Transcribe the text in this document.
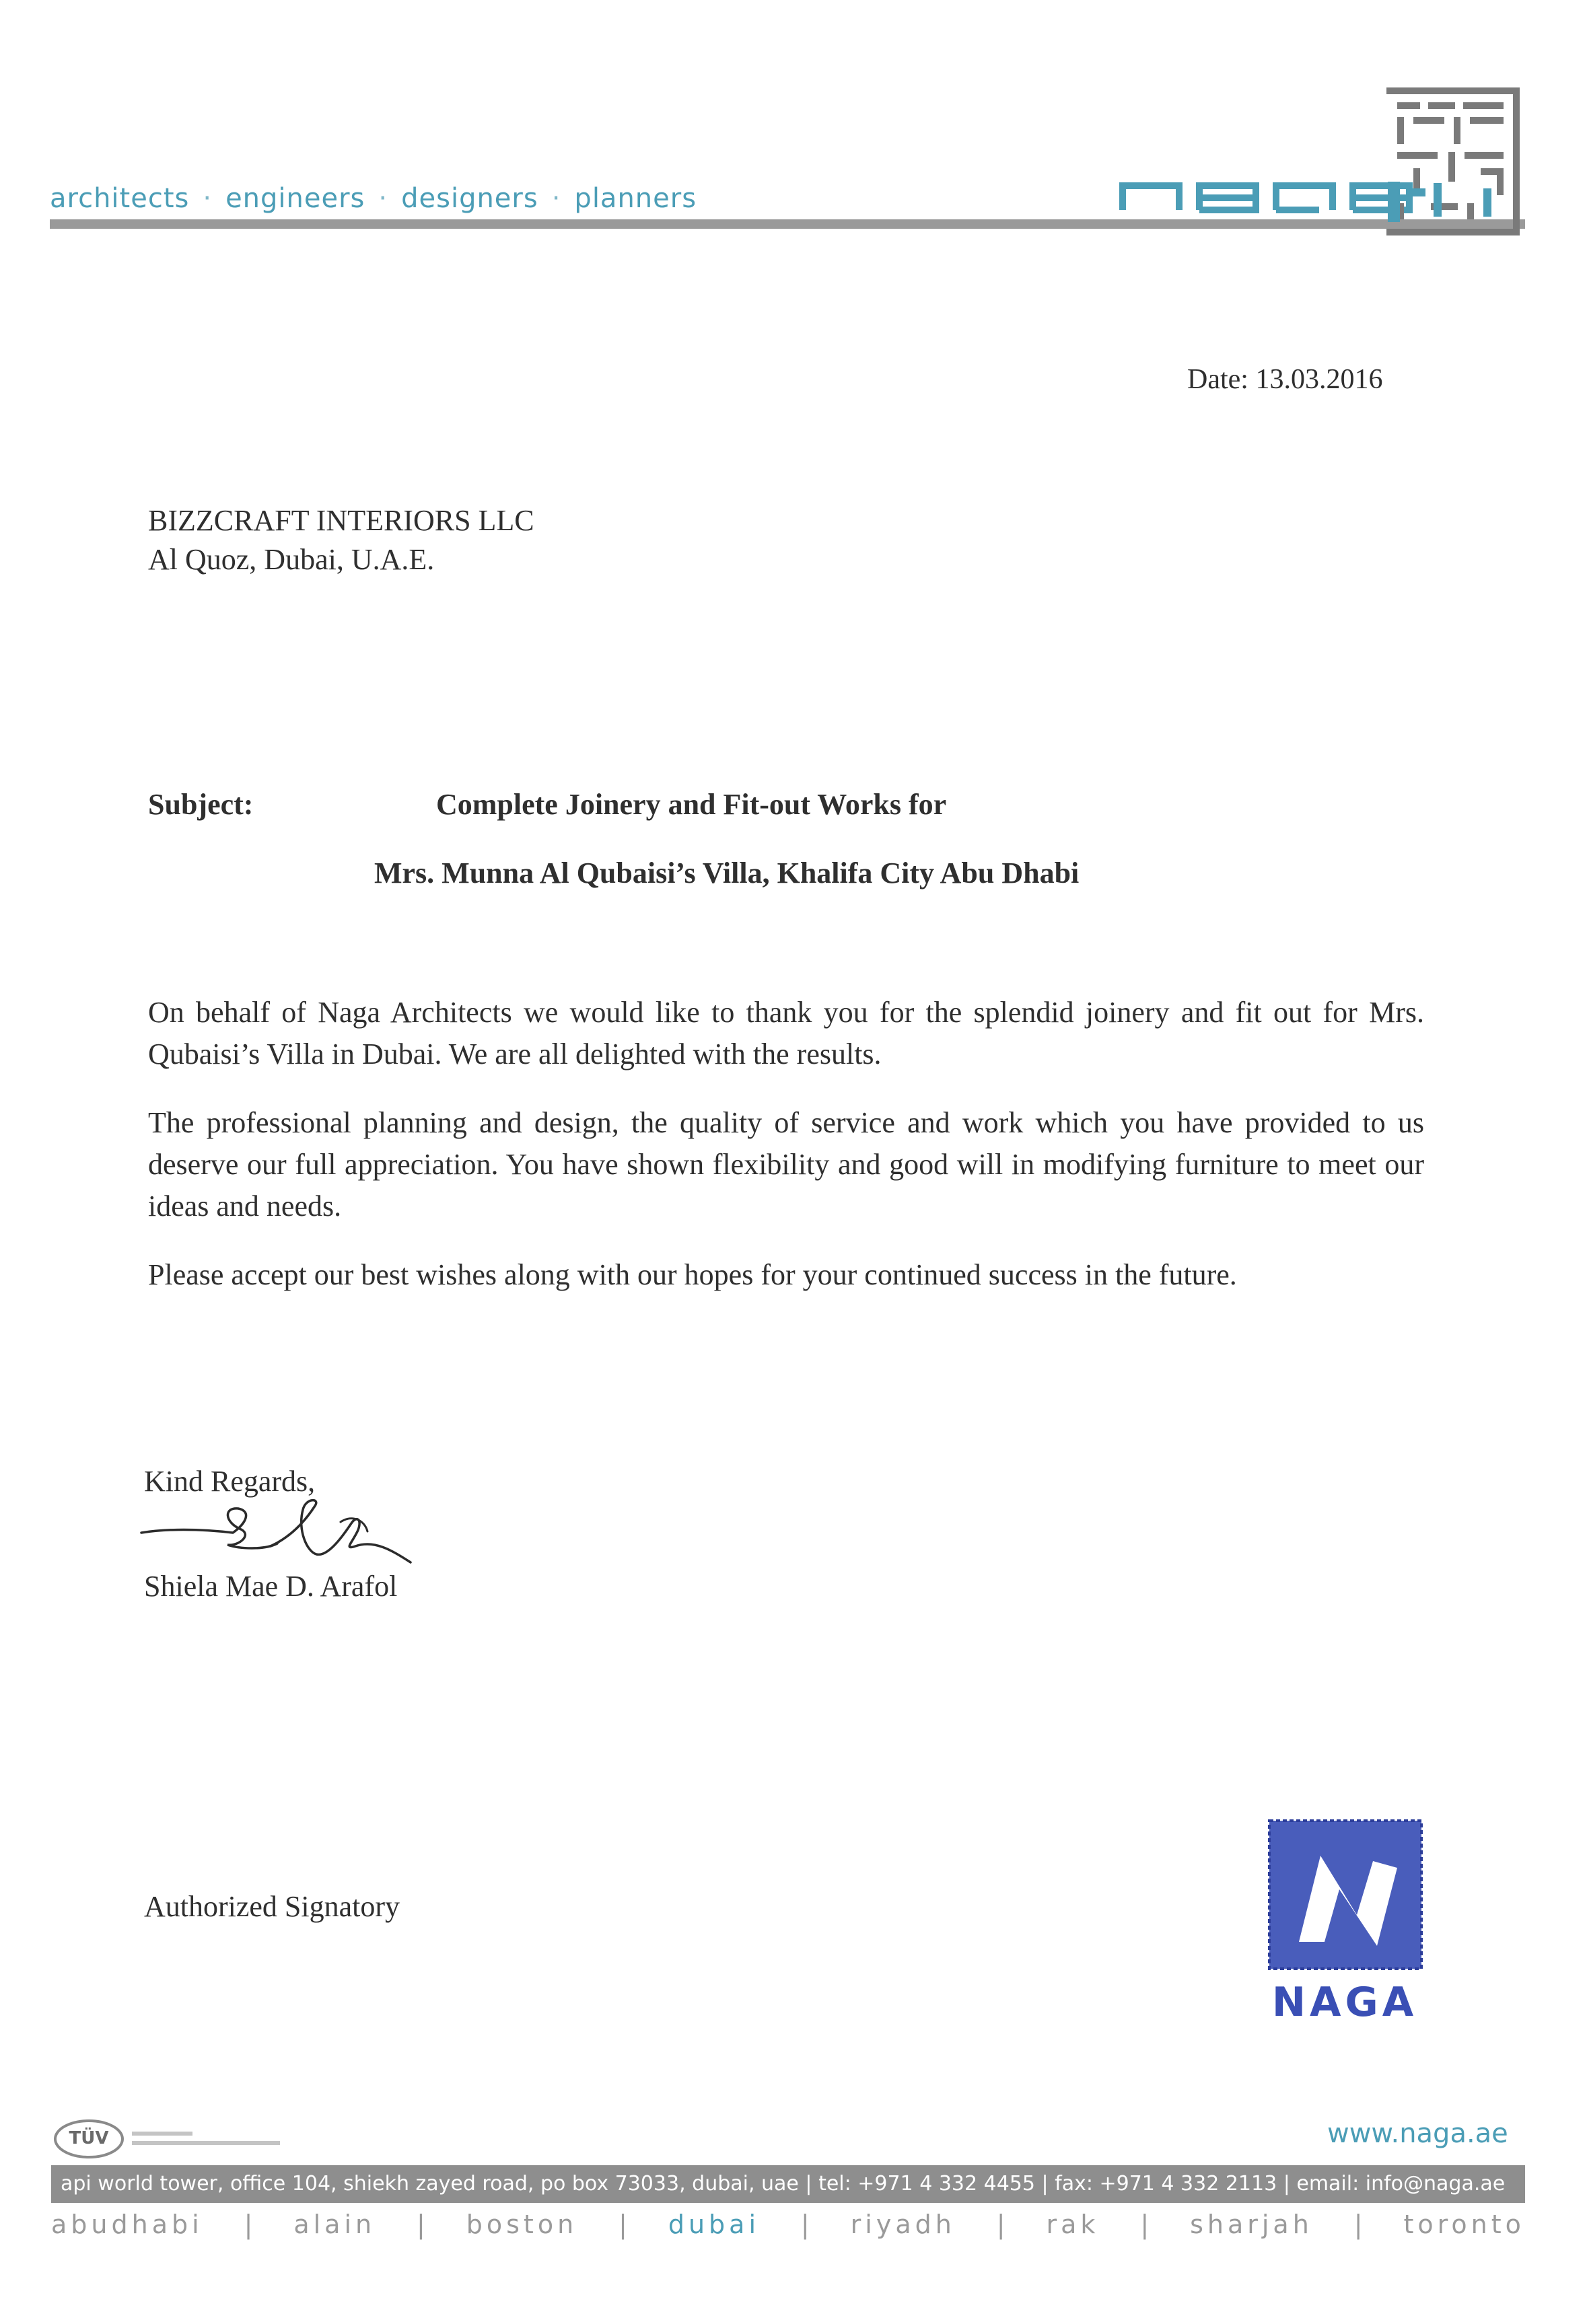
architects · engineers · designers · planners
Date: 13.03.2016
BIZZCRAFT INTERIORS LLC
Al Quoz, Dubai, U.A.E.
Subject:	Complete Joinery and Fit-out Works for
Mrs. Munna Al Qubaisi’s Villa, Khalifa City Abu Dhabi
On behalf of Naga Architects we would like to thank you for the splendid joinery and fit out for Mrs. Qubaisi’s Villa in Dubai. We are all delighted with the results.
The professional planning and design, the quality of service and work which you have provided to us deserve our full appreciation. You have shown flexibility and good will in modifying furniture to meet our ideas and needs.
Please accept our best wishes along with our hopes for your continued success in the future.
Kind Regards,
Shiela Mae D. Arafol
Authorized Signatory
NAGA
TÜV	www.naga.ae
api world tower, office 104, shiekh zayed road, po box 73033, dubai, uae | tel: +971 4 332 4455 | fax: +971 4 332 2113 | email: info@naga.ae
abudhabi | alain | boston | dubai | riyadh | rak | sharjah | toronto
